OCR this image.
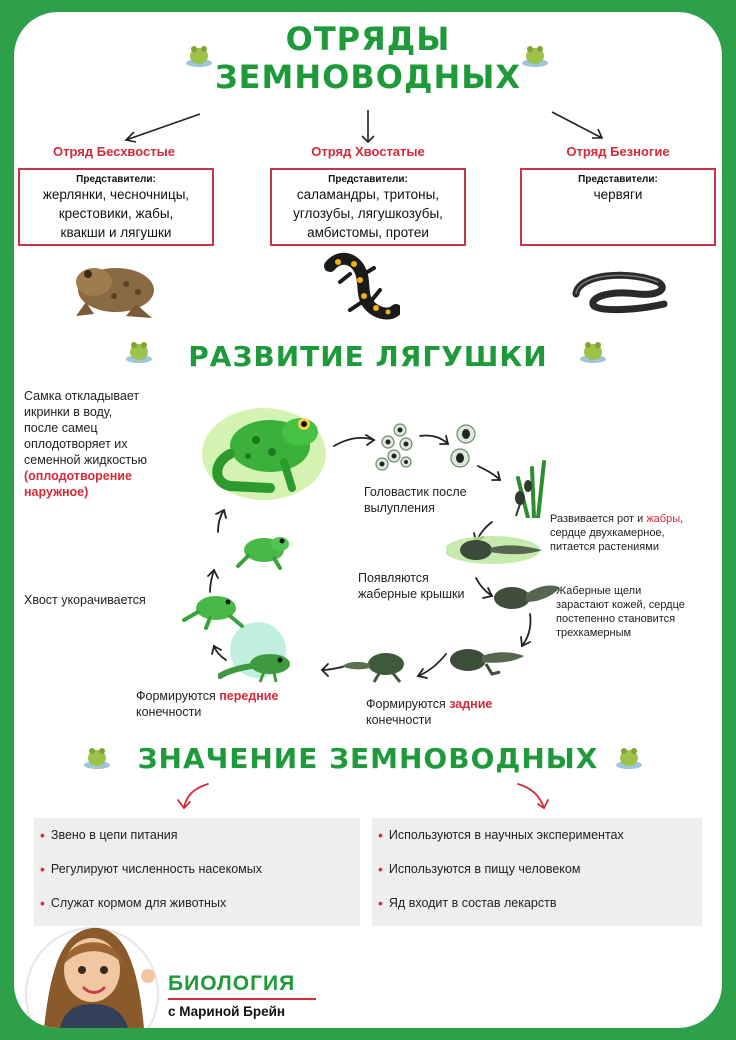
ОТРЯДЫ
ЗЕМНОВОДНЫХ
Отряд Бесхвостые	Отряд Хвостатые	Отряд Безногие
Представители:
жерлянки, чесночницы,
крестовики, жабы,
квакши и лягушки
Представители:
саламандры, тритоны,
углозубы, лягушкозубы,
амбистомы, протеи
Представители:
червяги
РАЗВИТИЕ ЛЯГУШКИ
Самка откладывает
икринки в воду,
после самец
оплодотворяет их
семенной жидкостью
(оплодотворение
наружное)	Головастик после
вылупления
Развивается рот и жабры,
сердце двухкамерное,
питается растениями
Появляются
жаберные крышки	Жаберные щели
зарастают кожей, сердце
постепенно становится
трехкамерным
Формируются задние
конечности
Формируются передние
конечности
Хвост укорачивается
ЗНАЧЕНИЕ ЗЕМНОВОДНЫХ
• Звено в цепи питания
• Регулируют численность насекомых
• Служат кормом для животных
• Используются в научных экспериментах
• Используются в пищу человеком
• Яд входит в состав лекарств
БИОЛОГИЯ
с Мариной Брейн
